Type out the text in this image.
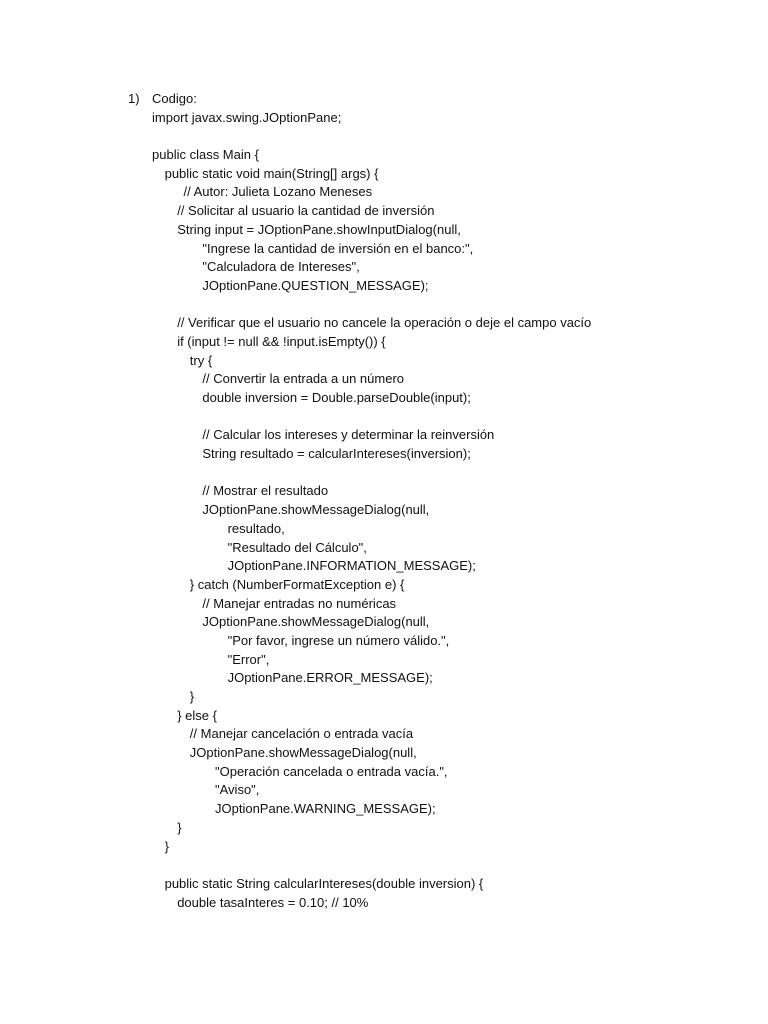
1) Codigo:
import javax.swing.JOptionPane;
public class Main {
public static void main(String[] args) {
// Autor: Julieta Lozano Meneses
// Solicitar al usuario la cantidad de inversión
String input = JOptionPane.showInputDialog(null,
"Ingrese la cantidad de inversión en el banco:",
"Calculadora de Intereses",
JOptionPane.QUESTION_MESSAGE);
// Verificar que el usuario no cancele la operación o deje el campo vacío
if (input != null && !input.isEmpty()) {
try {
// Convertir la entrada a un número
double inversion = Double.parseDouble(input);
// Calcular los intereses y determinar la reinversión
String resultado = calcularIntereses(inversion);
// Mostrar el resultado
JOptionPane.showMessageDialog(null,
resultado,
"Resultado del Cálculo",
JOptionPane.INFORMATION_MESSAGE);
} catch (NumberFormatException e) {
// Manejar entradas no numéricas
JOptionPane.showMessageDialog(null,
"Por favor, ingrese un número válido.",
"Error",
JOptionPane.ERROR_MESSAGE);
}
} else {
// Manejar cancelación o entrada vacía
JOptionPane.showMessageDialog(null,
"Operación cancelada o entrada vacía.",
"Aviso",
JOptionPane.WARNING_MESSAGE);
}
}
public static String calcularIntereses(double inversion) {
double tasaInteres = 0.10; // 10%
